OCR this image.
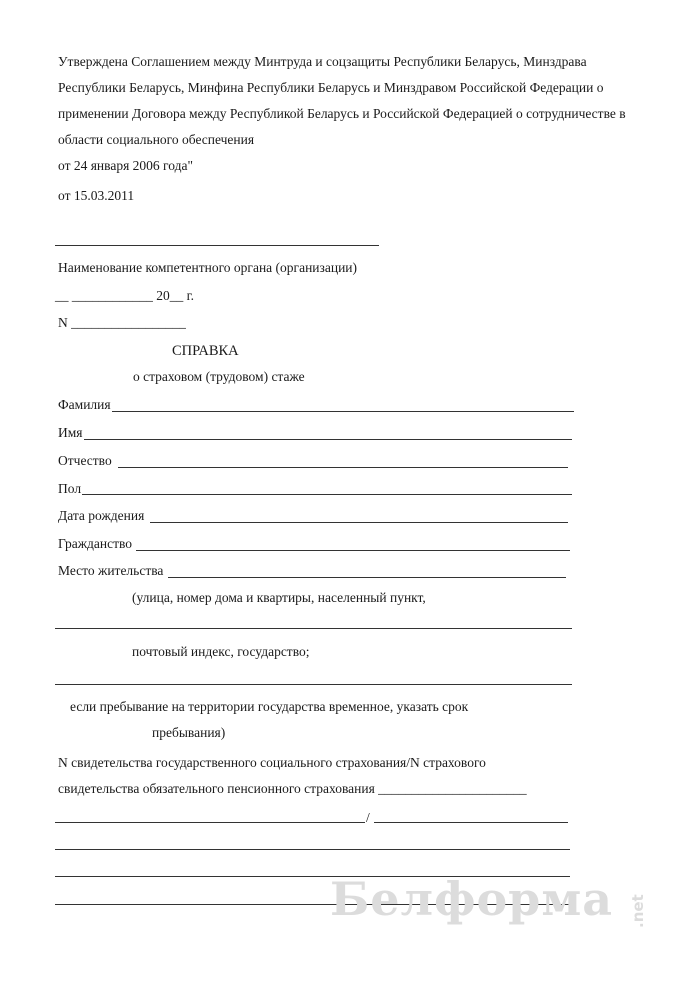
Утверждена Соглашением между Минтруда и соцзащиты Республики Беларусь, Минздрава
Республики Беларусь, Минфина Республики Беларусь и Минздравом Российской Федерации о
применении Договора между Республикой Беларусь и Российской Федерацией о сотрудничестве в
области социального обеспечения
от 24 января 2006 года"
от 15.03.2011
Наименование компетентного органа (организации)
__ ____________ 20__ г.
N _________________
СПРАВКА
о страховом (трудовом) стаже
Фамилия
Имя
Отчество
Пол
Дата рождения
Гражданство
Место жительства
(улица, номер дома и квартиры, населенный пункт,
почтовый индекс, государство;
если пребывание на территории государства временное, указать срок
пребывания)
N свидетельства государственного социального страхования/N страхового
свидетельства обязательного пенсионного страхования ______________________
/
Белформа .net
